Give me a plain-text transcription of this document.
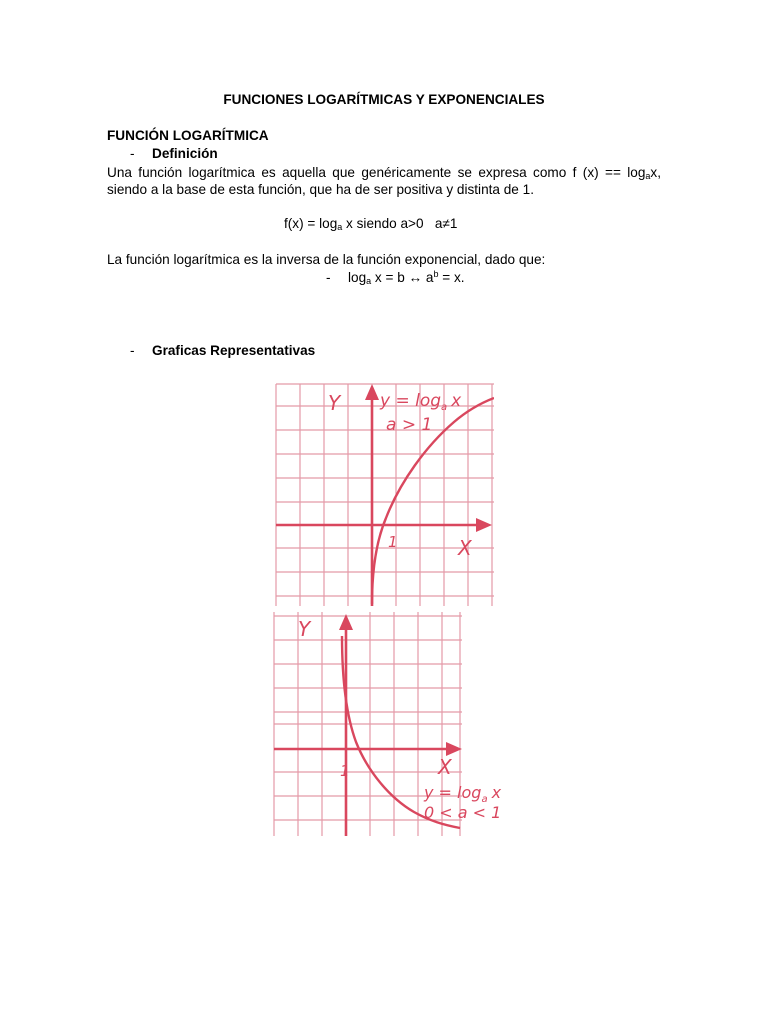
FUNCIONES LOGARÍTMICAS Y EXPONENCIALES
FUNCIÓN LOGARÍTMICA
- Definición
Una función logarítmica es aquella que genéricamente se expresa como f $(x) == \log_ax$,
siendo a la base de esta función, que ha de ser positiva y distinta de 1.
$f(x) = \log_a x$ siendo a>0   a≠1
La función logarítmica es la inversa de la función exponencial, dado que:
- $\log_a x = b$ ↔ $a^b = x$.
- Graficas Representativas
Y $y = \log_a x$
a > 1
1	X
Y
1	X
$y = \log_a x$
0 < a < 1
